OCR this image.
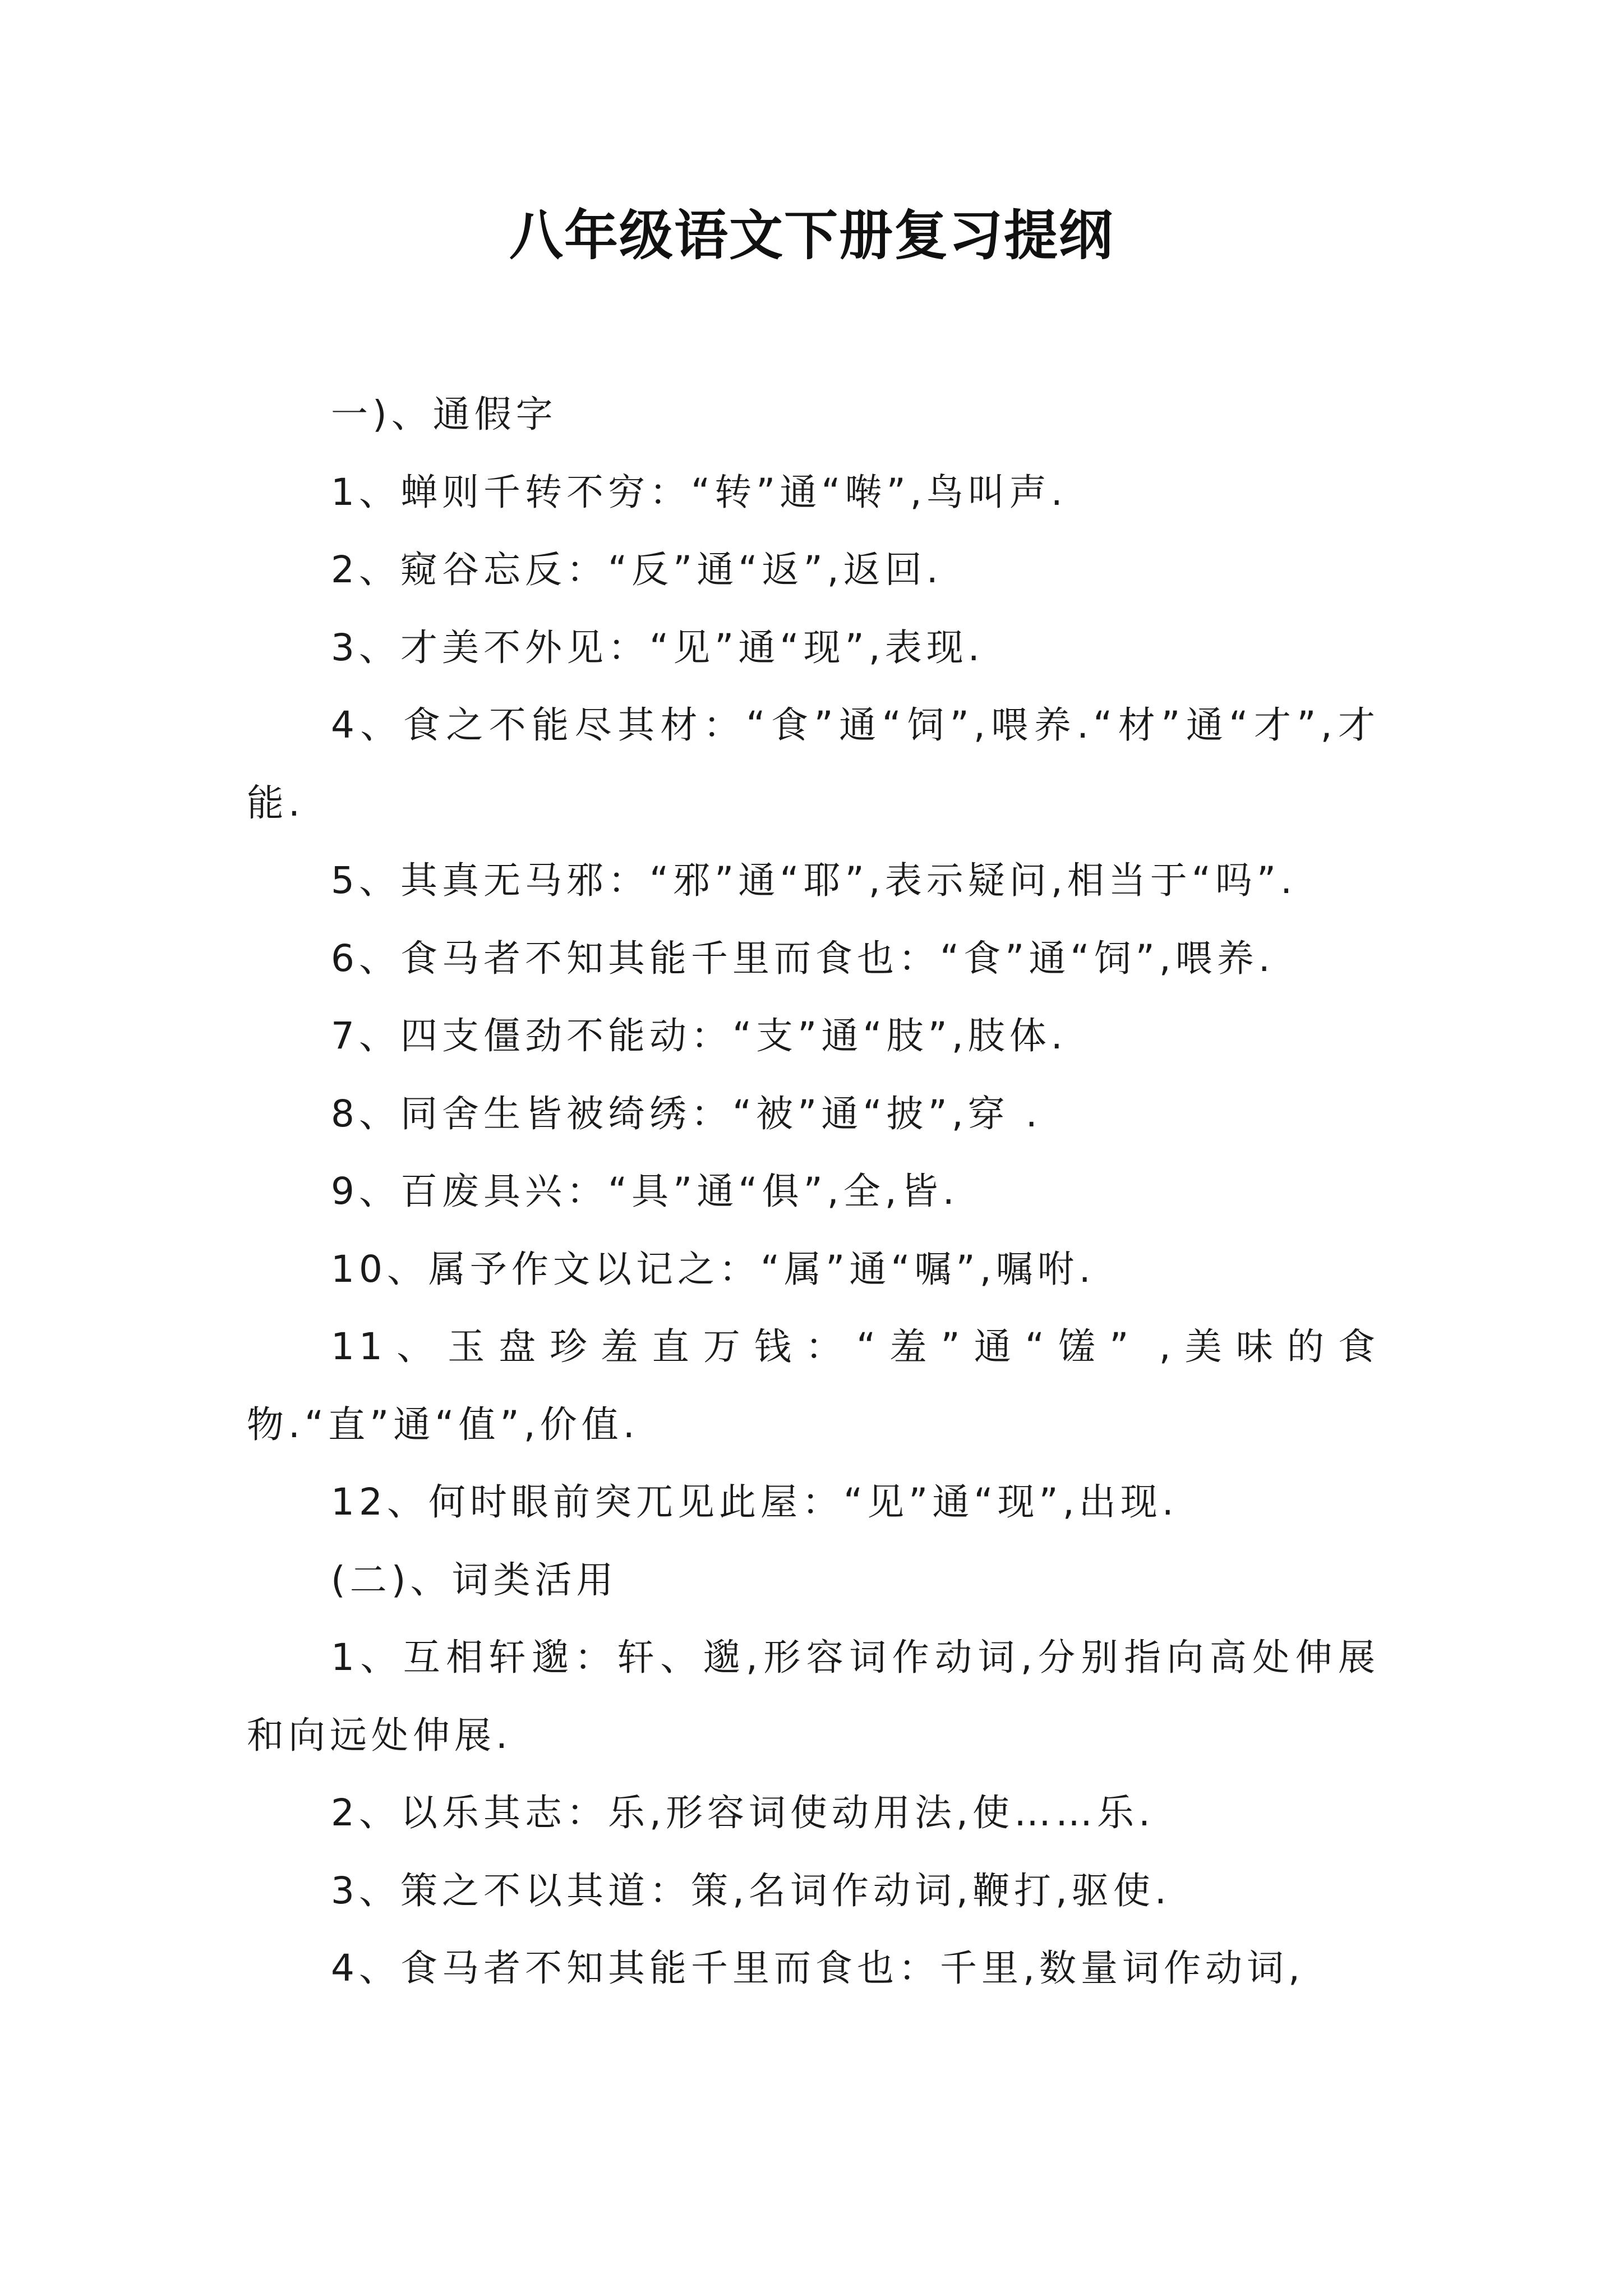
八年级语文下册复习提纲

一)、通假字

1、蝉则千转不穷：“转”通“啭”,鸟叫声.

2、窥谷忘反：“反”通“返”,返回.

3、才美不外见：“见”通“现”,表现.

4、食之不能尽其材：“食”通“饲”,喂养.“材”通“才”,才能.

5、其真无马邪：“邪”通“耶”,表示疑问,相当于“吗”.

6、食马者不知其能千里而食也：“食”通“饲”,喂养.

7、四支僵劲不能动：“支”通“肢”,肢体.

8、同舍生皆被绮绣：“被”通“披”,穿 .

9、百废具兴：“具”通“俱”,全,皆.

10、属予作文以记之：“属”通“嘱”,嘱咐.

11、玉盘珍羞直万钱：“羞”通“馐” ,美味的食物.“直”通“值”,价值.

12、何时眼前突兀见此屋：“见”通“现”,出现.

(二)、词类活用

1、互相轩邈：轩、邈,形容词作动词,分别指向高处伸展和向远处伸展.

2、以乐其志：乐,形容词使动用法,使……乐.

3、策之不以其道：策,名词作动词,鞭打,驱使.

4、食马者不知其能千里而食也：千里,数量词作动词,
